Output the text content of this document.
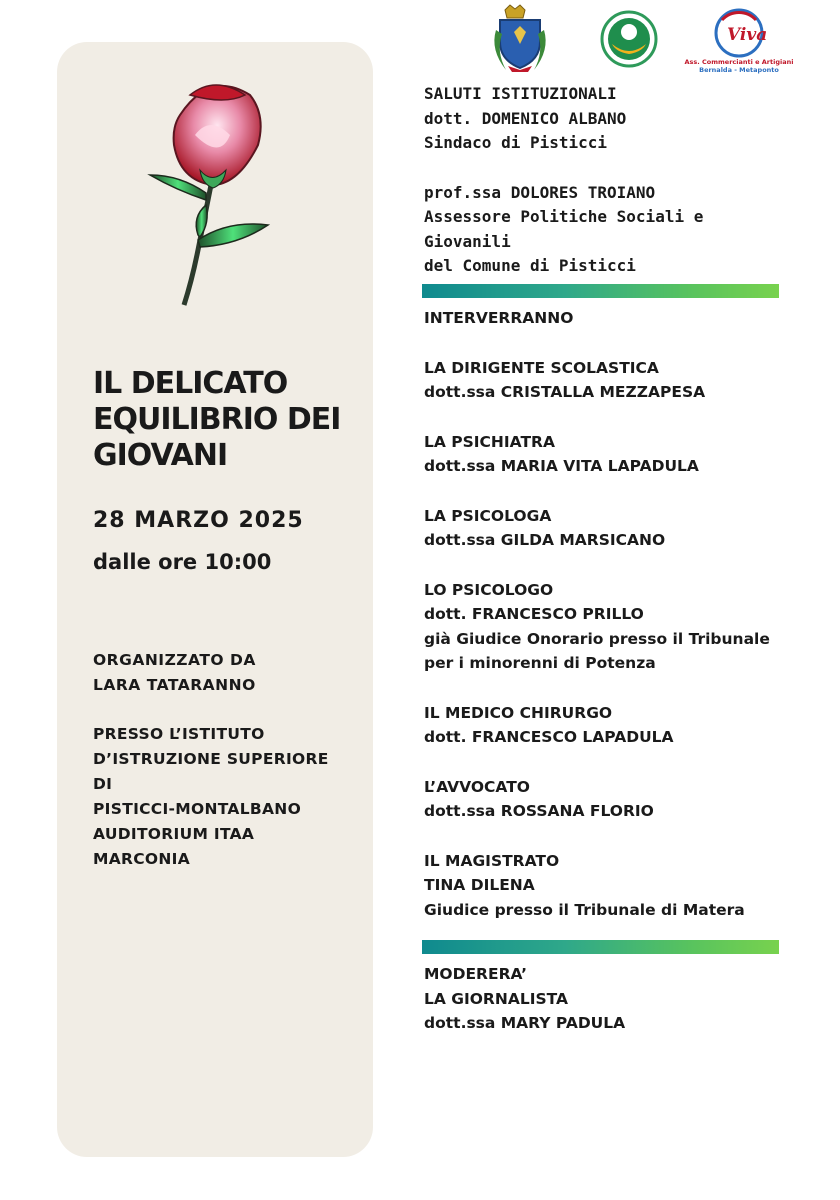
Viva
Ass. Commercianti e Artigiani
Bernalda - Metaponto
IL DELICATO
EQUILIBRIO DEI
GIOVANI
28 MARZO 2025
dalle ore 10:00
ORGANIZZATO DA
LARA TATARANNO
PRESSO L’ISTITUTO
D’ISTRUZIONE SUPERIORE
DI
PISTICCI-MONTALBANO
AUDITORIUM ITAA
MARCONIA
SALUTI ISTITUZIONALI
dott. DOMENICO ALBANO
Sindaco di Pisticci
prof.ssa DOLORES TROIANO
Assessore Politiche Sociali e
Giovanili
del Comune di Pisticci
INTERVERRANNO
LA DIRIGENTE SCOLASTICA
dott.ssa CRISTALLA MEZZAPESA
LA PSICHIATRA
dott.ssa MARIA VITA LAPADULA
LA PSICOLOGA
dott.ssa GILDA MARSICANO
LO PSICOLOGO
dott. FRANCESCO PRILLO
già Giudice Onorario presso il Tribunale
per i minorenni di Potenza
IL MEDICO CHIRURGO
dott. FRANCESCO LAPADULA
L’AVVOCATO
dott.ssa ROSSANA FLORIO
IL MAGISTRATO
TINA DILENA
Giudice presso il Tribunale di Matera
MODERERA’
LA GIORNALISTA
dott.ssa MARY PADULA
